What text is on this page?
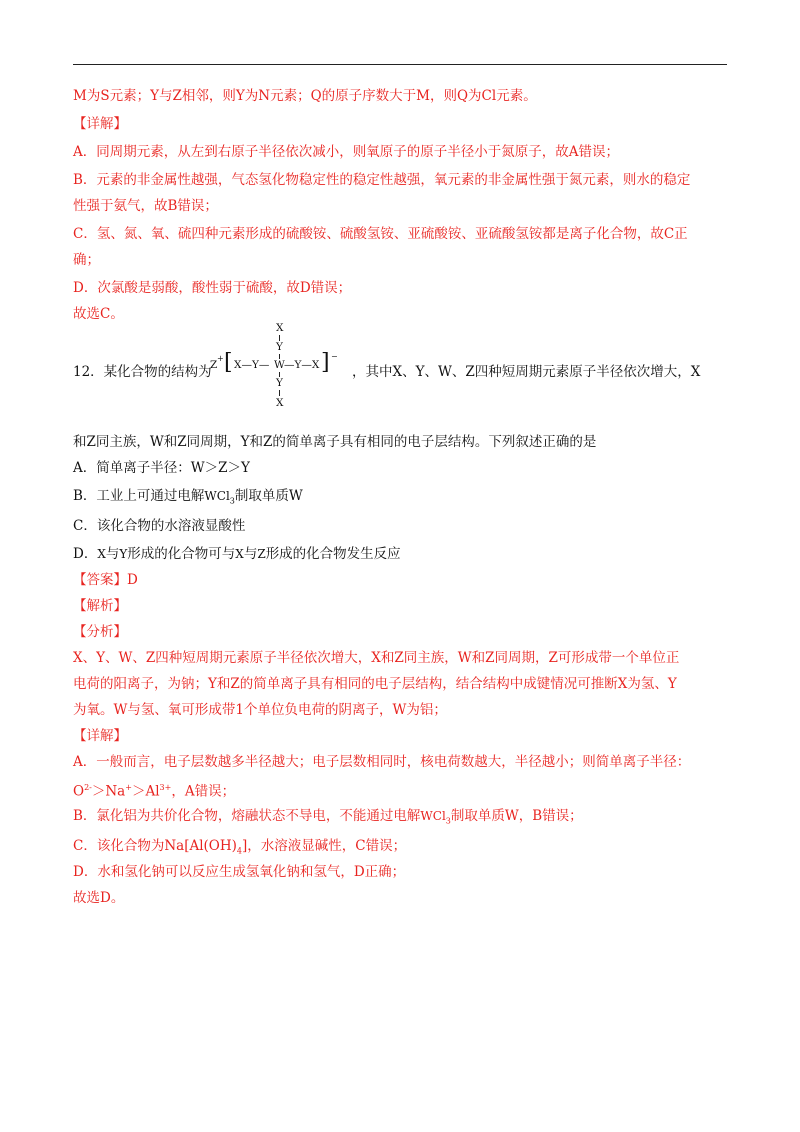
M为S元素；Y与Z相邻，则Y为N元素；Q的原子序数大于M，则Q为Cl元素。
【详解】
A．同周期元素，从左到右原子半径依次减小，则氧原子的原子半径小于氮原子，故A错误；
B．元素的非金属性越强，气态氢化物稳定性的稳定性越强，氧元素的非金属性强于氮元素，则水的稳定
性强于氨气，故B错误；
C．氢、氮、氧、硫四种元素形成的硫酸铵、硫酸氢铵、亚硫酸铵、亚硫酸氢铵都是离子化合物，故C正
确；
D．次氯酸是弱酸，酸性弱于硫酸，故D错误；
故选C。
12．某化合物的结构为
Z
+ [ X—Y— W —Y—X ] −
X
Y
Y
X
，其中X、Y、W、Z四种短周期元素原子半径依次增大，X
和Z同主族，W和Z同周期，Y和Z的简单离子具有相同的电子层结构。下列叙述正确的是
A．简单离子半径：W＞Z＞Y
B．工业上可通过电解WCl$_3$制取单质W
C．该化合物的水溶液显酸性
D．X与Y形成的化合物可与X与Z形成的化合物发生反应
【答案】D
【解析】
【分析】
X、Y、W、Z四种短周期元素原子半径依次增大，X和Z同主族，W和Z同周期，Z可形成带一个单位正
电荷的阳离子，为钠；Y和Z的简单离子具有相同的电子层结构，结合结构中成键情况可推断X为氢、Y
为氧。W与氢、氧可形成带1个单位负电荷的阴离子，W为铝；
【详解】
A．一般而言，电子层数越多半径越大；电子层数相同时，核电荷数越大，半径越小；则简单离子半径：
$O^{2-}>Na^+>Al^{3+}$，A错误；
B．氯化铝为共价化合物，熔融状态不导电，不能通过电解WCl$_3$制取单质W，B错误；
C．该化合物为$Na[Al(OH)_4]$，水溶液显碱性，C错误；
D．水和氢化钠可以反应生成氢氧化钠和氢气，D正确；
故选D。
